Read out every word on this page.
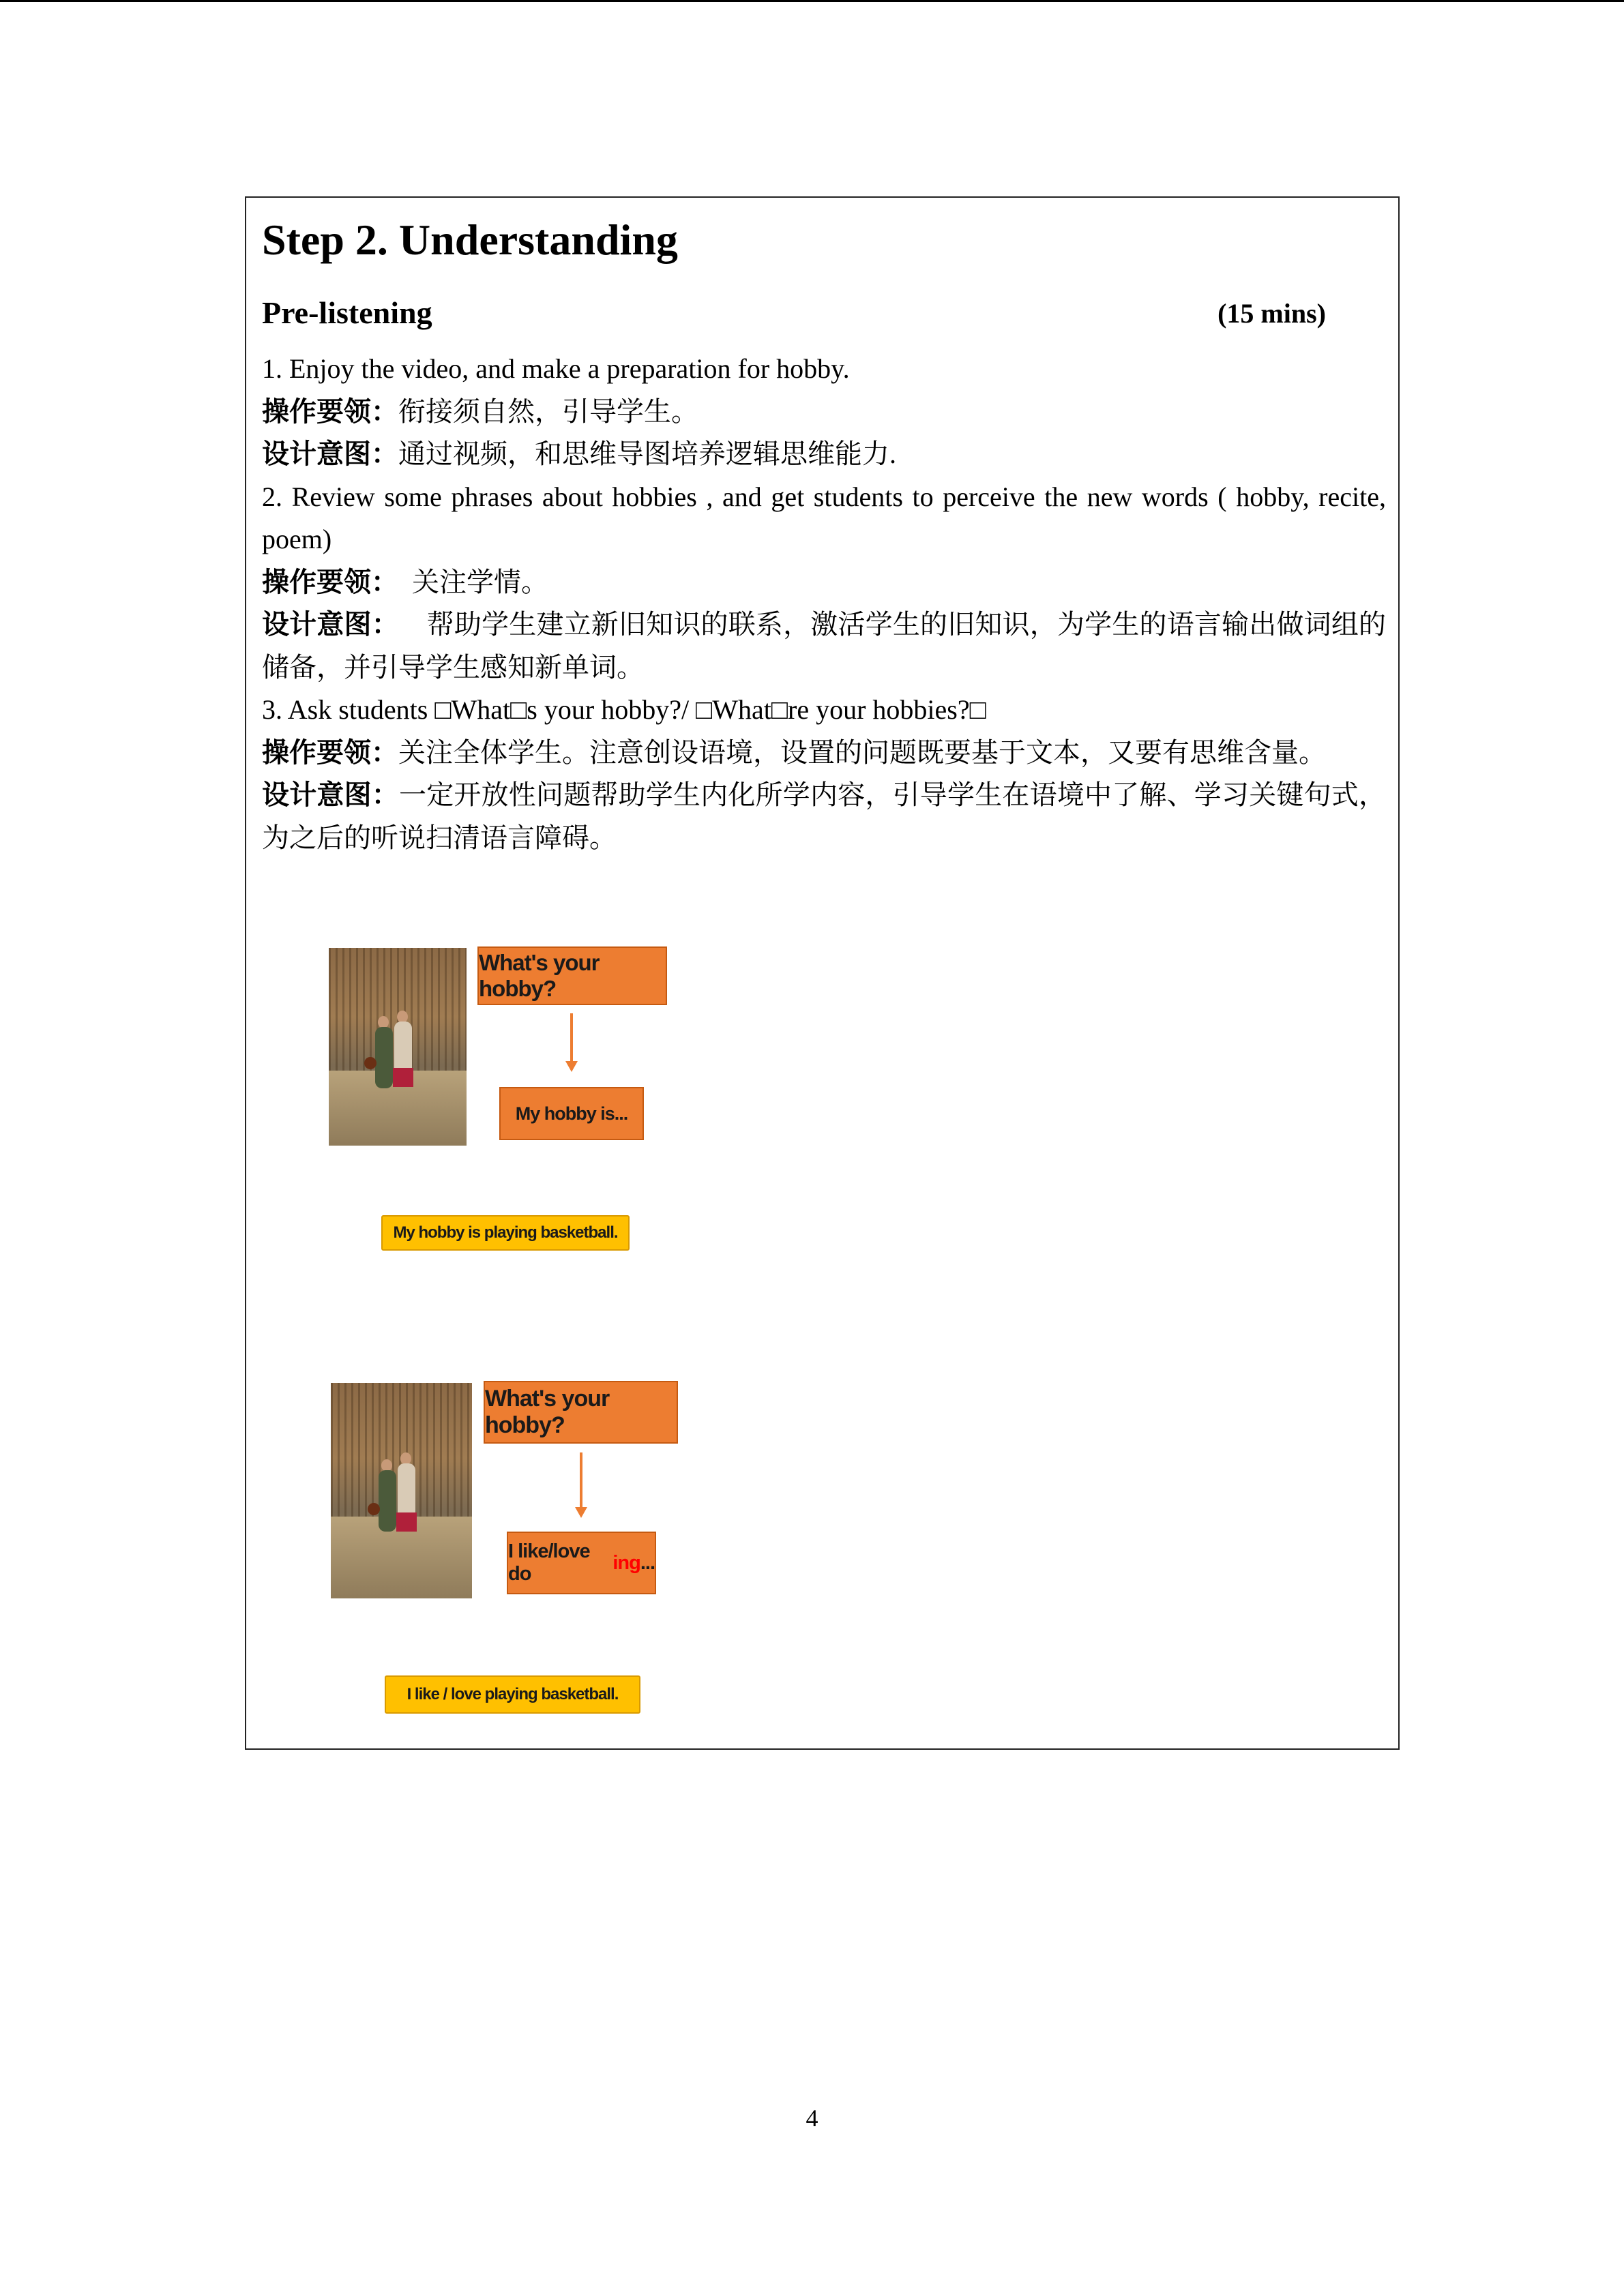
Step 2. Understanding
Pre-listening	(15 mins)

1. Enjoy the video, and make a preparation for hobby.

操作要领：衔接须自然，引导学生。

设计意图：通过视频，和思维导图培养逻辑思维能力.

2. Review some phrases about hobbies , and get students to perceive the new words ( hobby, recite, poem)

操作要领：  关注学情。

设计意图：    帮助学生建立新旧知识的联系，激活学生的旧知识，为学生的语言输出做词组的储备，并引导学生感知新单词。

3. Ask students □What□s your hobby?/ □What□re your hobbies?□

操作要领：关注全体学生。注意创设语境，设置的问题既要基于文本，又要有思维含量。

设计意图：一定开放性问题帮助学生内化所学内容，引导学生在语境中了解、学习关键句式，为之后的听说扫清语言障碍。

What's your hobby?
My hobby is...
My hobby is playing basketball.
What's your hobby?
I like/love do
ing ...
I like / love playing basketball.
4
